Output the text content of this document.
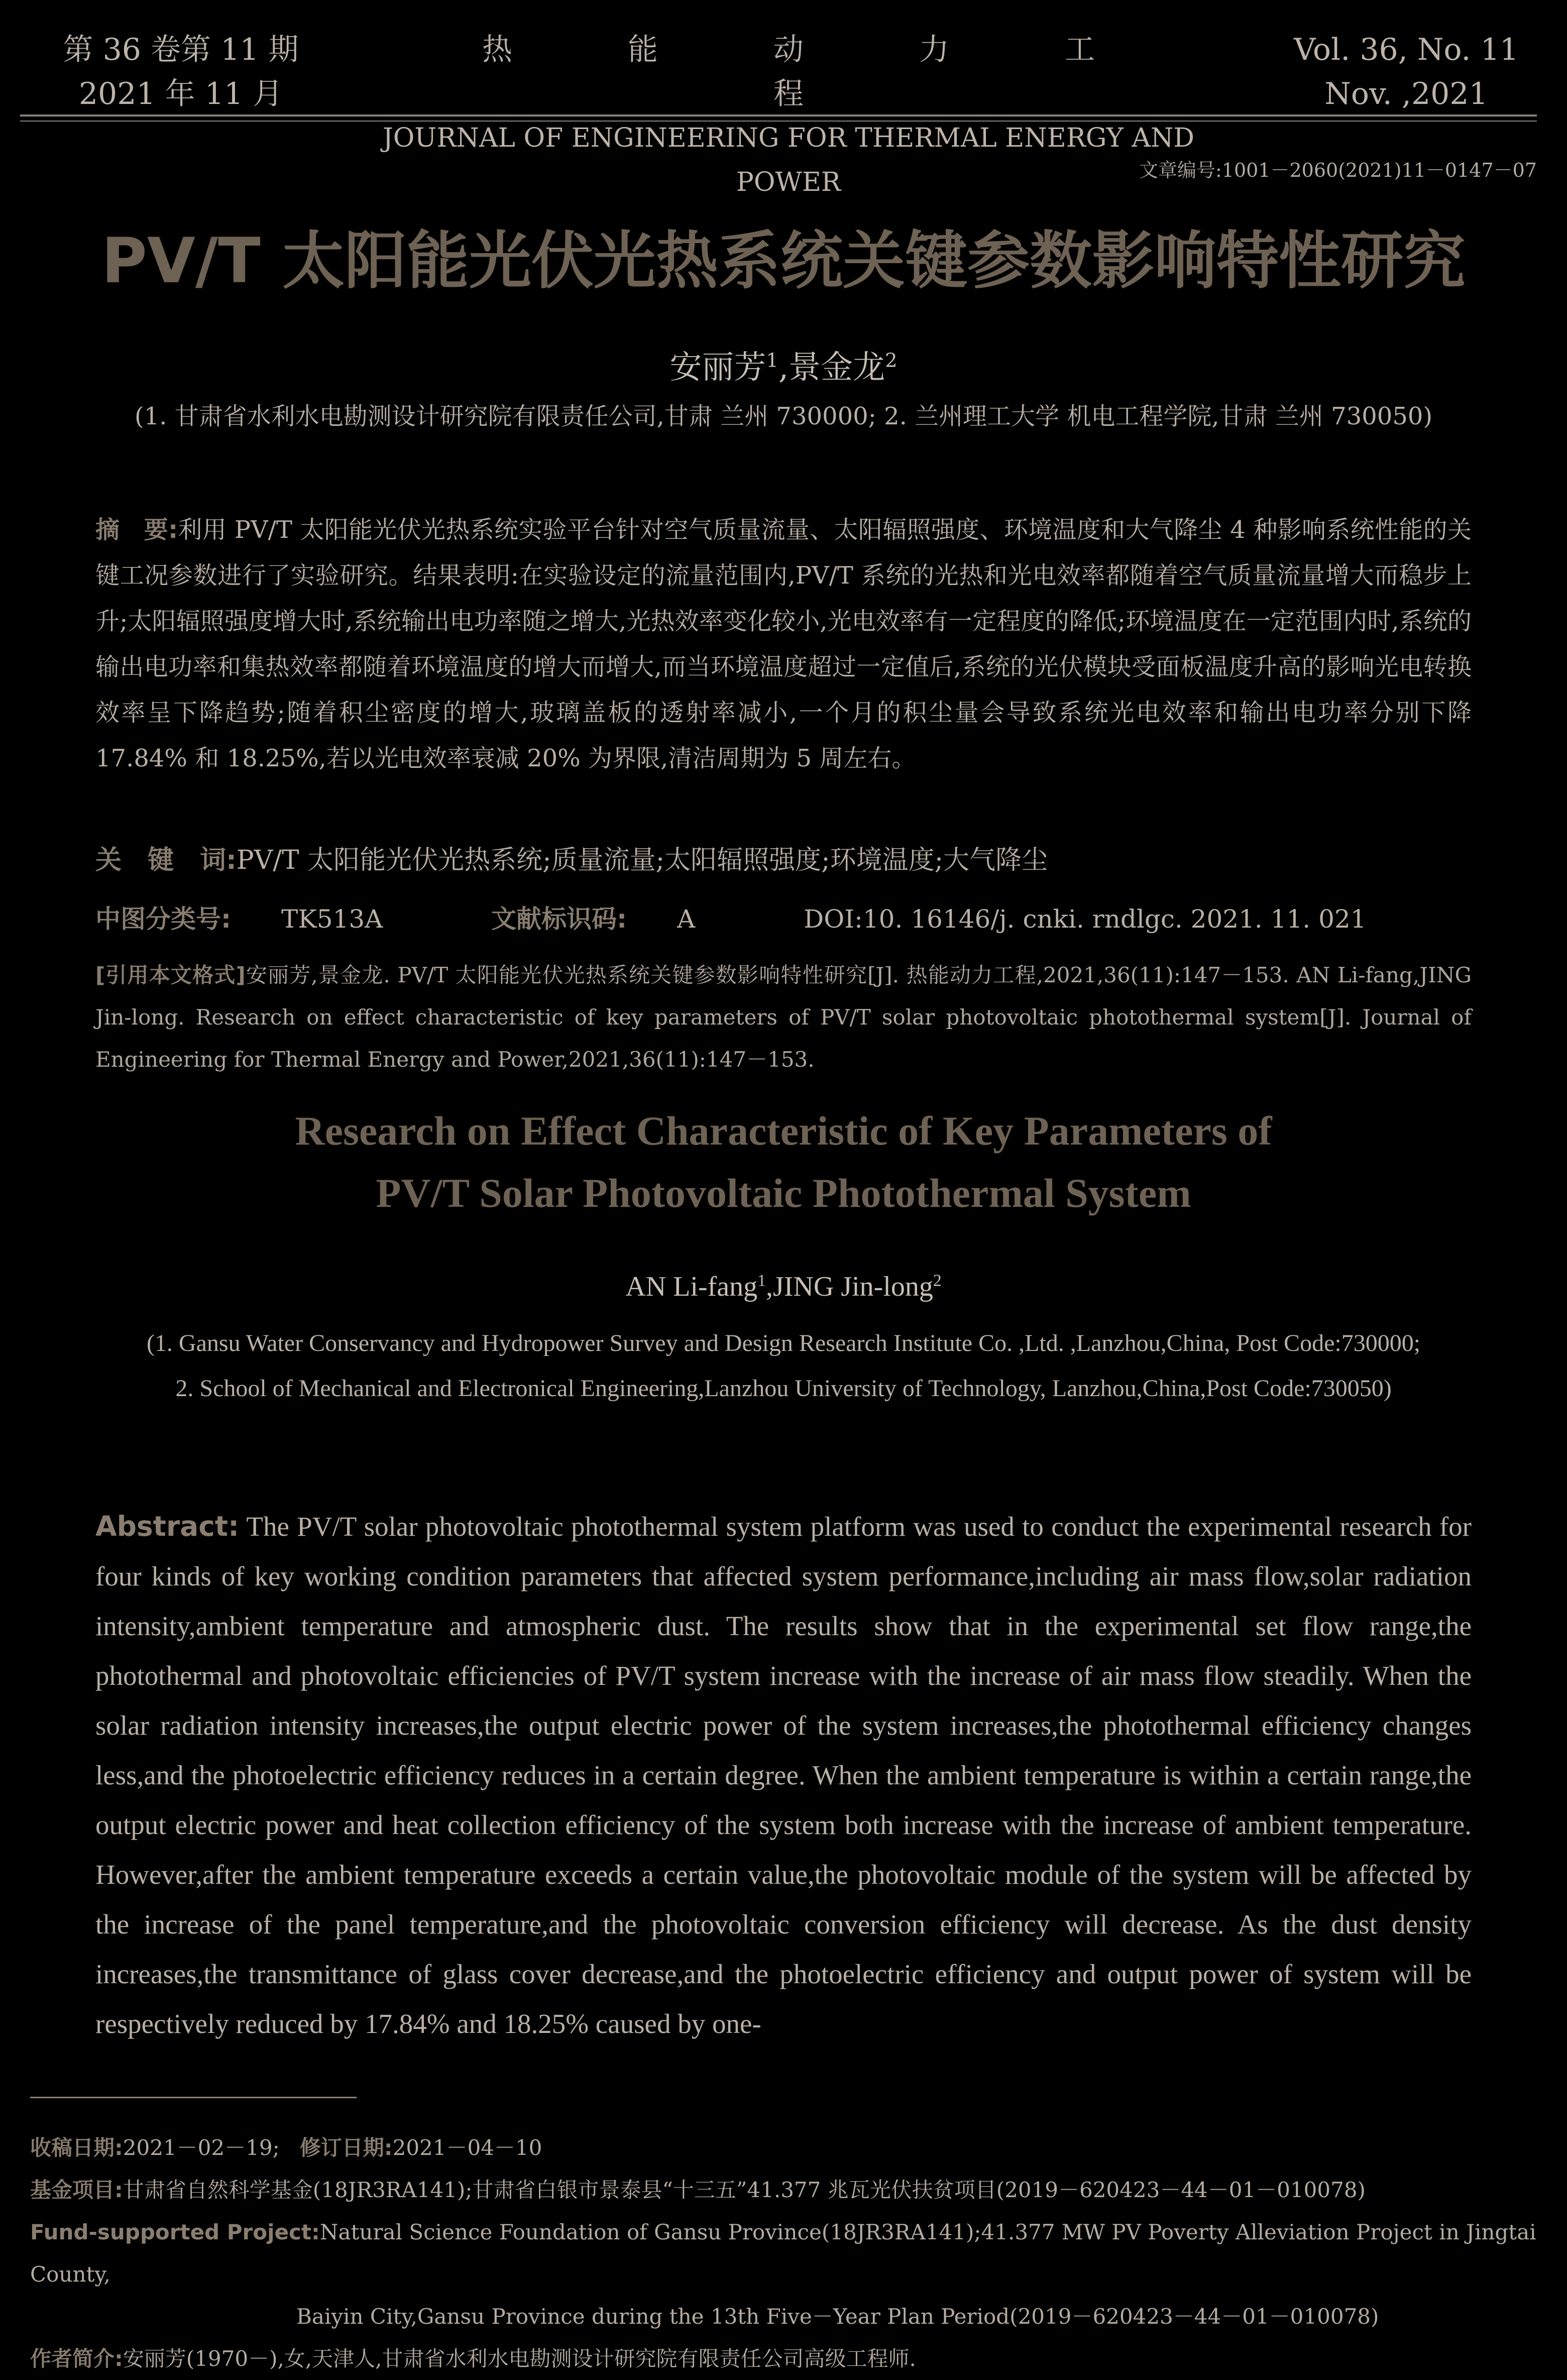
第 36 卷第 11 期
2021 年 11 月
热能动力工程
JOURNAL OF ENGINEERING FOR THERMAL ENERGY AND POWER
Vol. 36, No. 11
Nov. ,2021
文章编号:1001－2060(2021)11－0147－07
PV/T 太阳能光伏光热系统关键参数影响特性研究
安丽芳$^1$,景金龙$^2$
(1. 甘肃省水利水电勘测设计研究院有限责任公司,甘肃 兰州 730000; 2. 兰州理工大学 机电工程学院,甘肃 兰州 730050)
摘　要:利用 PV/T 太阳能光伏光热系统实验平台针对空气质量流量、太阳辐照强度、环境温度和大气降尘 4 种影响系统性能的关键工况参数进行了实验研究。结果表明:在实验设定的流量范围内,PV/T 系统的光热和光电效率都随着空气质量流量增大而稳步上升;太阳辐照强度增大时,系统输出电功率随之增大,光热效率变化较小,光电效率有一定程度的降低;环境温度在一定范围内时,系统的输出电功率和集热效率都随着环境温度的增大而增大,而当环境温度超过一定值后,系统的光伏模块受面板温度升高的影响光电转换效率呈下降趋势;随着积尘密度的增大,玻璃盖板的透射率减小,一个月的积尘量会导致系统光电效率和输出电功率分别下降 17.84% 和 18.25%,若以光电效率衰减 20% 为界限,清洁周期为 5 周左右。
关　键　词:PV/T 太阳能光伏光热系统;质量流量;太阳辐照强度;环境温度;大气降尘
中图分类号: TK513A	文献标识码: A	DOI:10. 16146/j. cnki. rndlgc. 2021. 11. 021
[引用本文格式]安丽芳,景金龙. PV/T 太阳能光伏光热系统关键参数影响特性研究[J]. 热能动力工程,2021,36(11):147－153. AN Li-fang,JING Jin-long. Research on effect characteristic of key parameters of PV/T solar photovoltaic photothermal system[J]. Journal of Engineering for Thermal Energy and Power,2021,36(11):147－153.
Research on Effect Characteristic of Key Parameters of
PV/T Solar Photovoltaic Photothermal System
AN Li-fang$^1$,JING Jin-long$^2$
(1. Gansu Water Conservancy and Hydropower Survey and Design Research Institute Co. ,Ltd. ,Lanzhou,China, Post Code:730000; 2. School of Mechanical and Electronical Engineering,Lanzhou University of Technology, Lanzhou,China,Post Code:730050)
Abstract: The PV/T solar photovoltaic photothermal system platform was used to conduct the experimental research for four kinds of key working condition parameters that affected system performance,including air mass flow,solar radiation intensity,ambient temperature and atmospheric dust. The results show that in the experimental set flow range,the photothermal and photovoltaic efficiencies of PV/T system increase with the increase of air mass flow steadily. When the solar radiation intensity increases,the output electric power of the system increases,the photothermal efficiency changes less,and the photoelectric efficiency reduces in a certain degree. When the ambient temperature is within a certain range,the output electric power and heat collection efficiency of the system both increase with the increase of ambient temperature. However,after the ambient temperature exceeds a certain value,the photovoltaic module of the system will be affected by the increase of the panel temperature,and the photovoltaic conversion efficiency will decrease. As the dust density increases,the transmittance of glass cover decrease,and the photoelectric efficiency and output power of system will be respectively reduced by 17.84% and 18.25% caused by one-
收稿日期:2021－02－19; 修订日期:2021－04－10
基金项目:甘肃省自然科学基金(18JR3RA141);甘肃省白银市景泰县“十三五”41.377 兆瓦光伏扶贫项目(2019－620423－44－01－010078)
Fund-supported Project:Natural Science Foundation of Gansu Province(18JR3RA141);41.377 MW PV Poverty Alleviation Project in Jingtai County,
Baiyin City,Gansu Province during the 13th Five－Year Plan Period(2019－620423－44－01－010078)
作者简介:安丽芳(1970－),女,天津人,甘肃省水利水电勘测设计研究院有限责任公司高级工程师.
